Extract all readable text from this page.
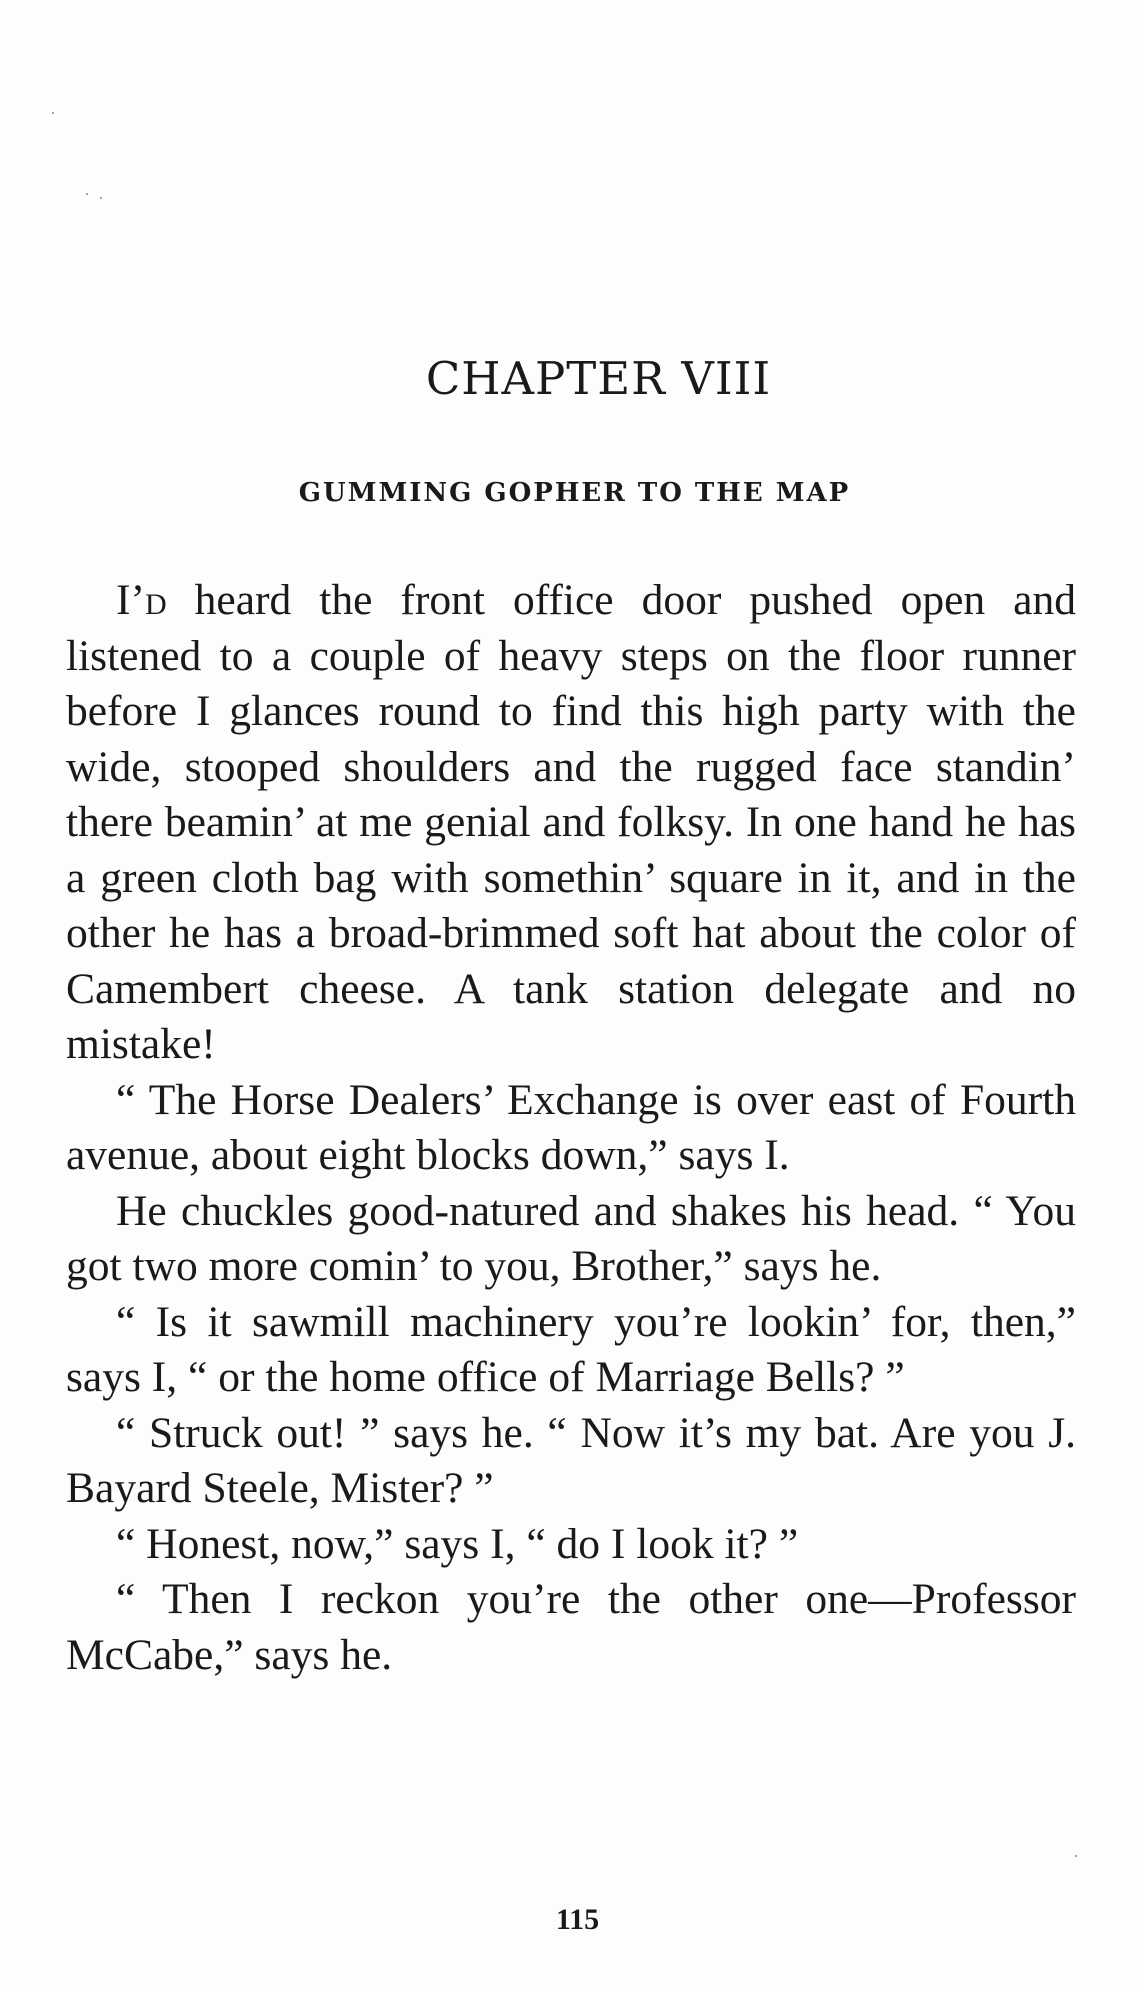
CHAPTER VIII
GUMMING GOPHER TO THE MAP

I’d heard the front office door pushed open and listened to a couple of heavy steps on the floor runner before I glances round to find this high party with the wide, stooped shoulders and the rugged face standin’ there beamin’ at me genial and folksy. In one hand he has a green cloth bag with somethin’ square in it, and in the other he has a broad-brimmed soft hat about the color of Camembert cheese. A tank station delegate and no mistake!

“ The Horse Dealers’ Exchange is over east of Fourth avenue, about eight blocks down,” says I.

He chuckles good-natured and shakes his head. “ You got two more comin’ to you, Brother,” says he.

“ Is it sawmill machinery you’re lookin’ for, then,” says I, “ or the home office of Marriage Bells? ”

“ Struck out! ” says he. “ Now it’s my bat. Are you J. Bayard Steele, Mister? ”

“ Honest, now,” says I, “ do I look it? ”

“ Then I reckon you’re the other one—Professor McCabe,” says he.

115
